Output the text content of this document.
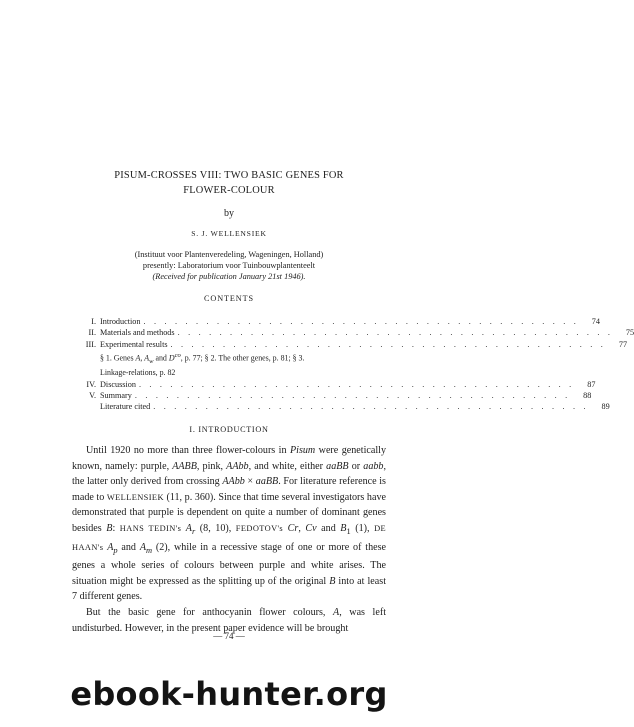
PISUM-CROSSES VIII: TWO BASIC GENES FOR
FLOWER-COLOUR
by
S. J. WELLENSIEK
(Instituut voor Plantenveredeling, Wageningen, Holland)
presently: Laboratorium voor Tuinbouwplantenteelt
(Received for publication January 21st 1946).
CONTENTS
I. Introduction . . . . . . . . . . . . . . . . . . . . . . . . . . . . . . . . . . . . . . . . . .	74
II. Materials and methods . . . . . . . . . . . . . . . . . . . . . . . . . . . . . . . . . . . . . . . . . .	75
III. Experimental results . . . . . . . . . . . . . . . . . . . . . . . . . . . . . . . . . . . . . . . . . .	77
§ 1. Genes A, $A_w$ and $D^{co}$, p. 77; § 2. The other genes, p. 81; § 3.
Linkage-relations, p. 82
IV. Discussion . . . . . . . . . . . . . . . . . . . . . . . . . . . . . . . . . . . . . . . . . .	87
V. Summary . . . . . . . . . . . . . . . . . . . . . . . . . . . . . . . . . . . . . . . . . .	88
Literature cited . . . . . . . . . . . . . . . . . . . . . . . . . . . . . . . . . . . . . . . . . .	89
I. INTRODUCTION

Until 1920 no more than three flower-colours in Pisum were genetically known, namely: purple, AABB, pink, AAbb, and white, either aaBB or aabb, the latter only derived from crossing AAbb × aaBB. For literature reference is made to WELLENSIEK (11, p. 360). Since that time several investigators have demonstrated that purple is dependent on quite a number of dominant genes besides B: HANS TEDIN's $A_r$ (8, 10), FEDOTOV's Cr, Cv and $B_1$ (1), DE HAAN's $A_p$ and $A_m$ (2), while in a recessive stage of one or more of these genes a whole series of colours between purple and white arises. The situation might be expressed as the splitting up of the original B into at least 7 different genes.

But the basic gene for anthocyanin flower colours, A, was left undisturbed. However, in the present paper evidence will be brought

— 74 —
ebook-hunter.org
